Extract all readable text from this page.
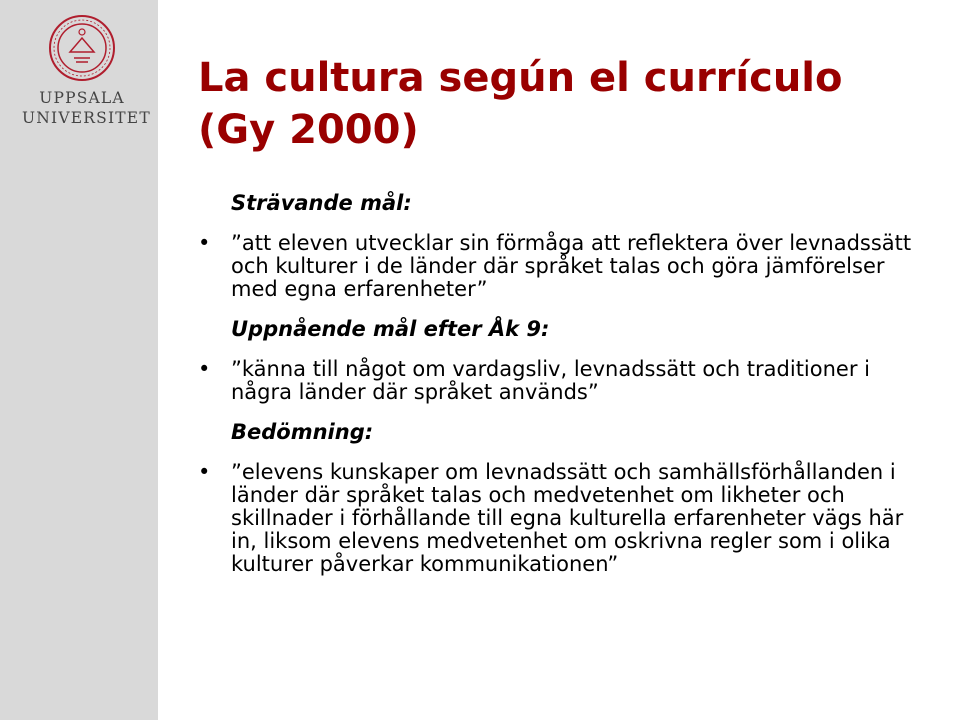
UPPSALA
UNIVERSITET
La cultura según el currículo
(Gy 2000)
Strävande mål:
• ”att eleven utvecklar sin förmåga att reflektera över levnadssätt och kulturer i de länder där språket talas och göra jämförelser med egna erfarenheter”
Uppnående mål efter Åk 9:
• ”känna till något om vardagsliv, levnadssätt och traditioner i några länder där språket används”
Bedömning:
• ”elevens kunskaper om levnadssätt och samhällsförhållanden i länder där språket talas och medvetenhet om likheter och skillnader i förhållande till egna kulturella erfarenheter vägs här in, liksom elevens medvetenhet om oskrivna regler som i olika kulturer påverkar kommunikationen”
